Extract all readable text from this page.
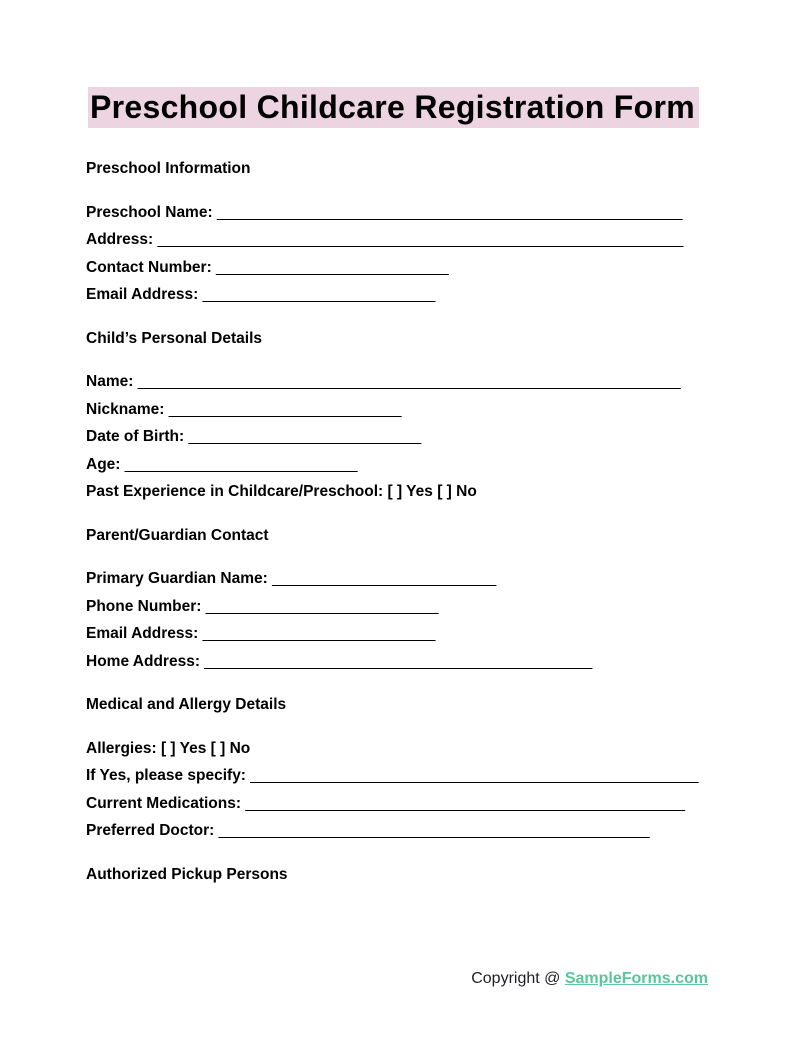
Preschool Childcare Registration Form
Preschool Information

Preschool Name: ______________________________________________________

Address: _____________________________________________________________

Contact Number: ___________________________

Email Address: ___________________________

Child’s Personal Details

Name: _______________________________________________________________

Nickname: ___________________________

Date of Birth: ___________________________

Age: ___________________________

Past Experience in Childcare/Preschool: [ ] Yes [ ] No

Parent/Guardian Contact

Primary Guardian Name: __________________________

Phone Number: ___________________________

Email Address: ___________________________

Home Address: _____________________________________________

Medical and Allergy Details

Allergies: [ ] Yes [ ] No

If Yes, please specify: ____________________________________________________

Current Medications: ___________________________________________________

Preferred Doctor: __________________________________________________

Authorized Pickup Persons
Copyright @ SampleForms.com
